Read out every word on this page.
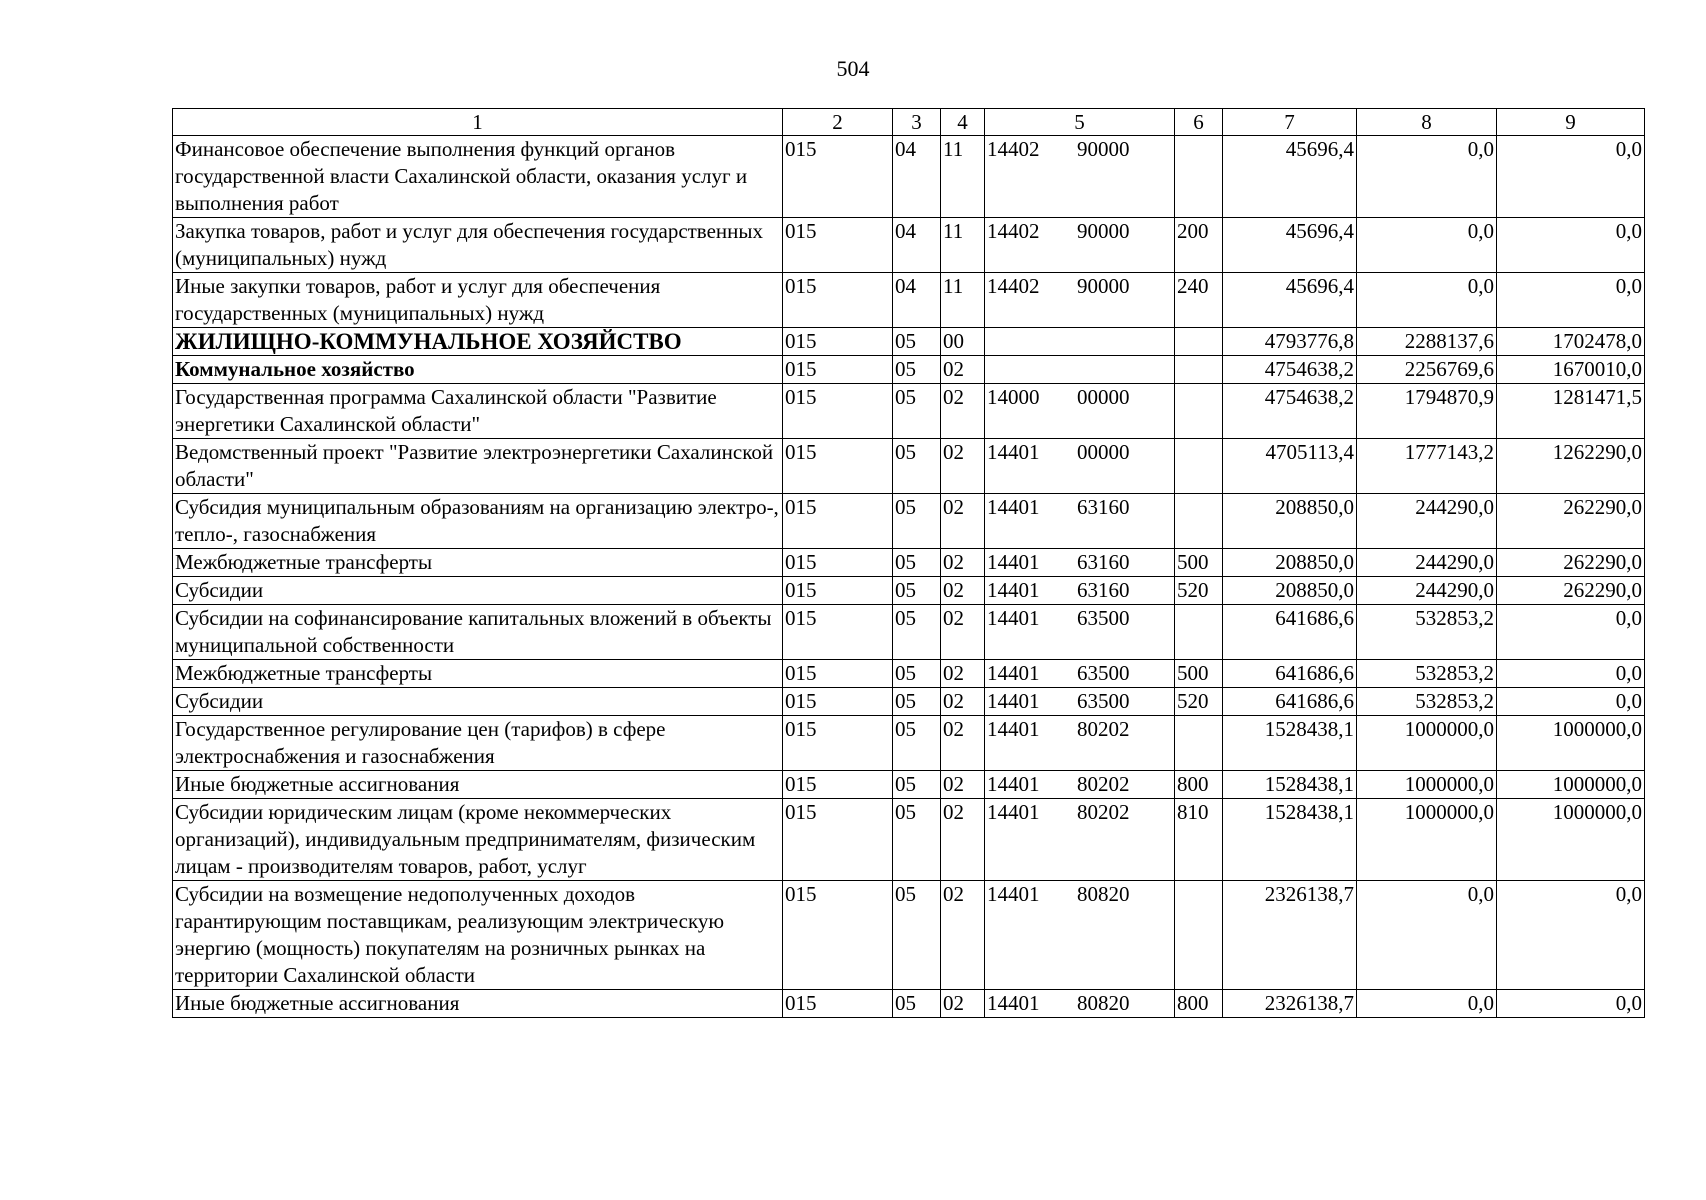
504
1	2	3	4	5	6	7	8	9
Финансовое обеспечение выполнения функций органов государственной власти Сахалинской области, оказания услуг и выполнения работ	015	04	11	14402 90000		45696,4	0,0	0,0
Закупка товаров, работ и услуг для обеспечения государственных (муниципальных) нужд	015	04	11	14402 90000	200	45696,4	0,0	0,0
Иные закупки товаров, работ и услуг для обеспечения государственных (муниципальных) нужд	015	04	11	14402 90000	240	45696,4	0,0	0,0
ЖИЛИЩНО-КОММУНАЛЬНОЕ ХОЗЯЙСТВО	015	05	00			4793776,8	2288137,6	1702478,0
Коммунальное хозяйство	015	05	02			4754638,2	2256769,6	1670010,0
Государственная программа Сахалинской области "Развитие энергетики Сахалинской области"	015	05	02	14000 00000		4754638,2	1794870,9	1281471,5
Ведомственный проект "Развитие электроэнергетики Сахалинской области"	015	05	02	14401 00000		4705113,4	1777143,2	1262290,0
Субсидия муниципальным образованиям на организацию электро-, тепло-, газоснабжения	015	05	02	14401 63160		208850,0	244290,0	262290,0
Межбюджетные трансферты	015	05	02	14401 63160	500	208850,0	244290,0	262290,0
Субсидии	015	05	02	14401 63160	520	208850,0	244290,0	262290,0
Субсидии на софинансирование капитальных вложений в объекты муниципальной собственности	015	05	02	14401 63500		641686,6	532853,2	0,0
Межбюджетные трансферты	015	05	02	14401 63500	500	641686,6	532853,2	0,0
Субсидии	015	05	02	14401 63500	520	641686,6	532853,2	0,0
Государственное регулирование цен (тарифов) в сфере электроснабжения и газоснабжения	015	05	02	14401 80202		1528438,1	1000000,0	1000000,0
Иные бюджетные ассигнования	015	05	02	14401 80202	800	1528438,1	1000000,0	1000000,0
Субсидии юридическим лицам (кроме некоммерческих организаций), индивидуальным предпринимателям, физическим лицам - производителям товаров, работ, услуг	015	05	02	14401 80202	810	1528438,1	1000000,0	1000000,0
Субсидии на возмещение недополученных доходов гарантирующим поставщикам, реализующим электрическую энергию (мощность) покупателям на розничных рынках на территории Сахалинской области	015	05	02	14401 80820		2326138,7	0,0	0,0
Иные бюджетные ассигнования	015	05	02	14401 80820	800	2326138,7	0,0	0,0
